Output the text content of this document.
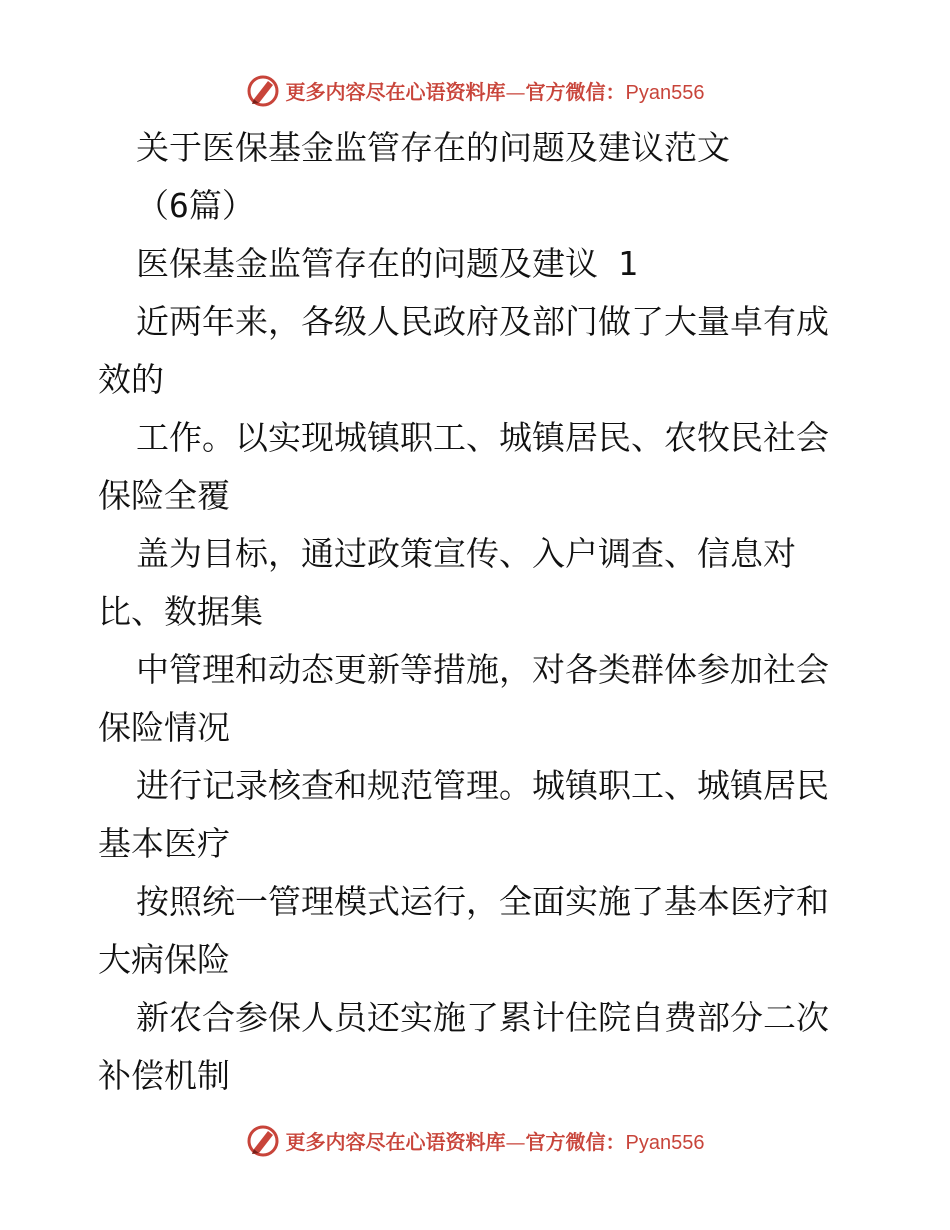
更多内容尽在心语资料库—官方微信：Pyan556
关于医保基金监管存在的问题及建议范文
（6篇）
医保基金监管存在的问题及建议 1
近两年来，各级人民政府及部门做了大量卓有成
效的
工作。以实现城镇职工、城镇居民、农牧民社会
保险全覆
盖为目标，通过政策宣传、入户调查、信息对
比、数据集
中管理和动态更新等措施，对各类群体参加社会
保险情况
进行记录核查和规范管理。城镇职工、城镇居民
基本医疗
按照统一管理模式运行，全面实施了基本医疗和
大病保险
新农合参保人员还实施了累计住院自费部分二次
补偿机制
更多内容尽在心语资料库—官方微信：Pyan556
